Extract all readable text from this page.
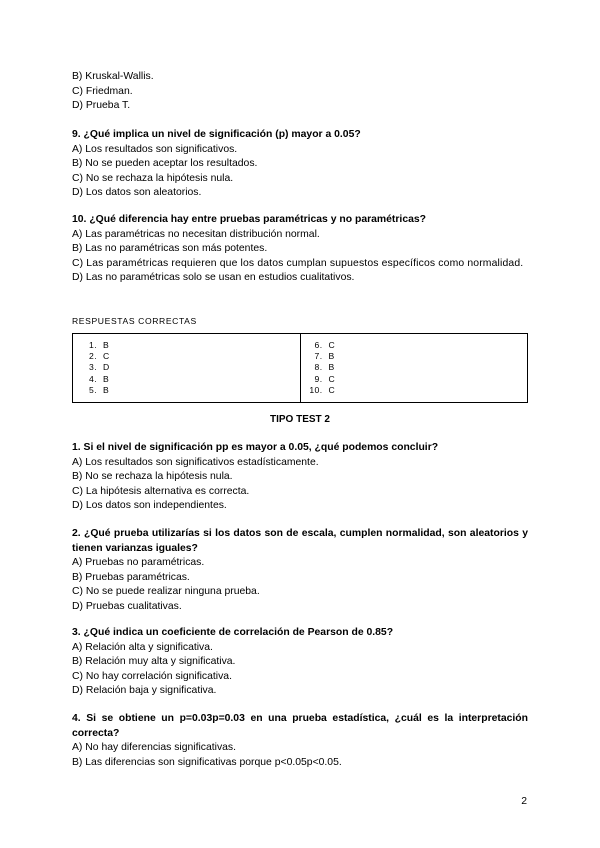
B) Kruskal-Wallis.

C) Friedman.

D) Prueba T.

9. ¿Qué implica un nivel de significación (p) mayor a 0.05?

A) Los resultados son significativos.

B) No se pueden aceptar los resultados.

C) No se rechaza la hipótesis nula.

D) Los datos son aleatorios.

10. ¿Qué diferencia hay entre pruebas paramétricas y no paramétricas?

A) Las paramétricas no necesitan distribución normal.

B) Las no paramétricas son más potentes.

C) Las paramétricas requieren que los datos cumplan supuestos específicos como normalidad.

D) Las no paramétricas solo se usan en estudios cualitativos.

RESPUESTAS CORRECTAS

1. B
2. C
3. D
4. B
5. B
6. C
7. B
8. B
9. C
10. C
TIPO TEST 2

1. Si el nivel de significación pp es mayor a 0.05, ¿qué podemos concluir?

A) Los resultados son significativos estadísticamente.

B) No se rechaza la hipótesis nula.

C) La hipótesis alternativa es correcta.

D) Los datos son independientes.

2. ¿Qué prueba utilizarías si los datos son de escala, cumplen normalidad, son aleatorios y tienen varianzas iguales?

A) Pruebas no paramétricas.

B) Pruebas paramétricas.

C) No se puede realizar ninguna prueba.

D) Pruebas cualitativas.

3. ¿Qué indica un coeficiente de correlación de Pearson de 0.85?

A) Relación alta y significativa.

B) Relación muy alta y significativa.

C) No hay correlación significativa.

D) Relación baja y significativa.

4. Si se obtiene un p=0.03p=0.03 en una prueba estadística, ¿cuál es la interpretación correcta?

A) No hay diferencias significativas.

B) Las diferencias son significativas porque p<0.05p<0.05.

2
